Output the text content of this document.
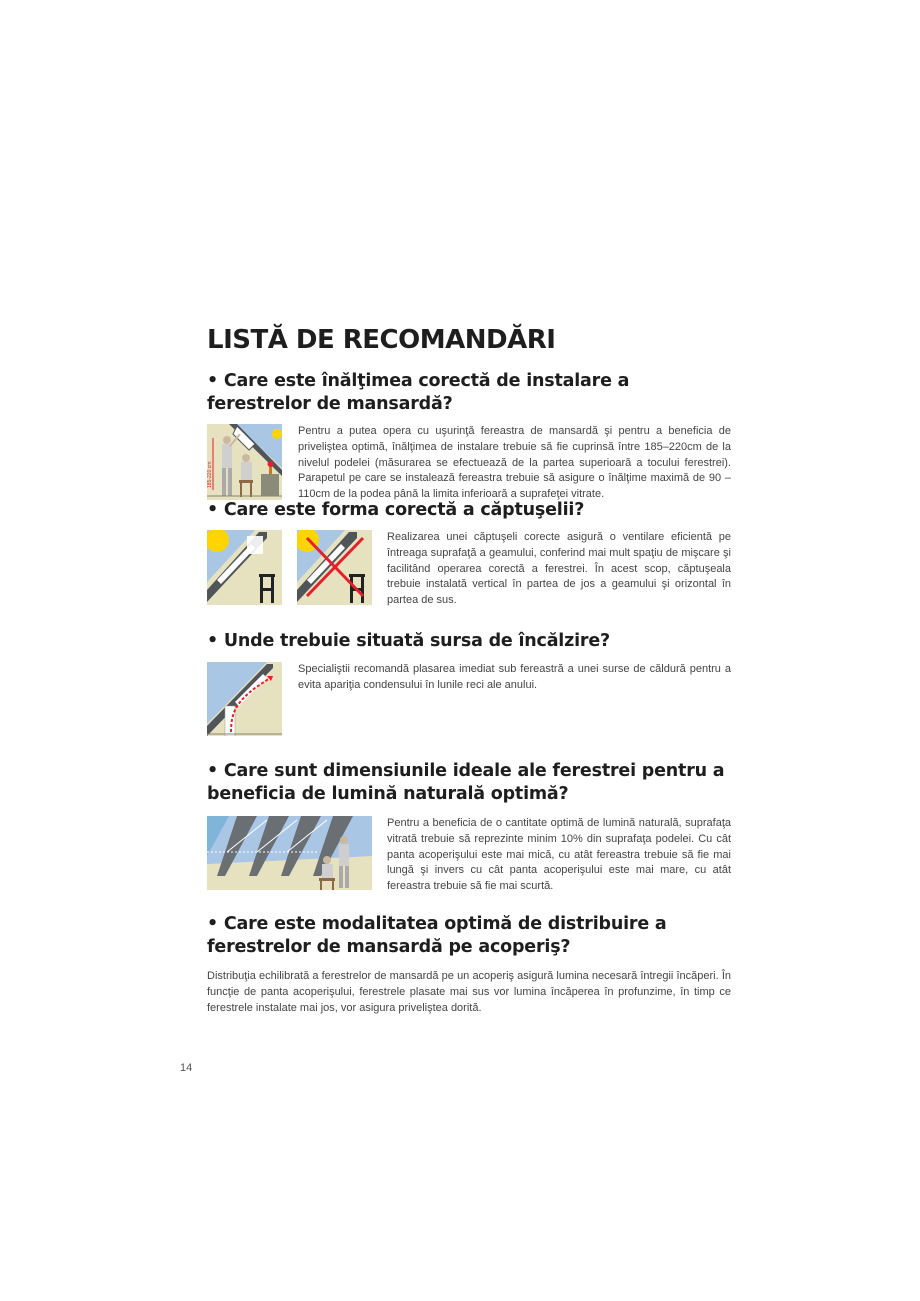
LISTĂ DE RECOMANDĂRI
• Care este înălţimea corectă de instalare a ferestrelor de mansardă?
185-220 cm

Pentru a putea opera cu uşurinţă fereastra de mansardă şi pentru a beneficia de priveliştea optimă, înălţimea de instalare trebuie să fie cuprinsă între 185–220cm de la nivelul podelei (măsurarea se efectuează de la partea superioară a tocului ferestrei). Parapetul pe care se instalează fereastra trebuie să asigure o înălţime maximă de 90 –110cm de la podea până la limita inferioară a suprafeţei vitrate.

• Care este forma corectă a căptuşelii?

Realizarea unei căptuşeli corecte asigură o ventilare eficientă pe întreaga suprafaţă a geamului, conferind mai mult spaţiu de mişcare şi facilitând operarea corectă a ferestrei. În acest scop, căptuşeala trebuie instalată vertical în partea de jos a geamului şi orizontal în partea de sus.

• Unde trebuie situată sursa de încălzire?

Specialiştii recomandă plasarea imediat sub fereastră a unei surse de căldură pentru a evita apariţia condensului în lunile reci ale anului.

• Care sunt dimensiunile ideale ale ferestrei pentru a beneficia de lumină naturală optimă?

Pentru a beneficia de o cantitate optimă de lumină naturală, suprafaţa vitrată trebuie să reprezinte minim 10% din suprafaţa podelei. Cu cât panta acoperişului este mai mică, cu atât fereastra trebuie să fie mai lungă şi invers cu cât panta acoperişului este mai mare, cu atât fereastra trebuie să fie mai scurtă.

• Care este modalitatea optimă de distribuire a ferestrelor de mansardă pe acoperiş?

Distribuţia echilibrată a ferestrelor de mansardă pe un acoperiş asigură lumina necesară întregii încăperi. În funcţie de panta acoperişului, ferestrele plasate mai sus vor lumina încăperea în profunzime, în timp ce ferestrele instalate mai jos, vor asigura priveliştea dorită.

14
